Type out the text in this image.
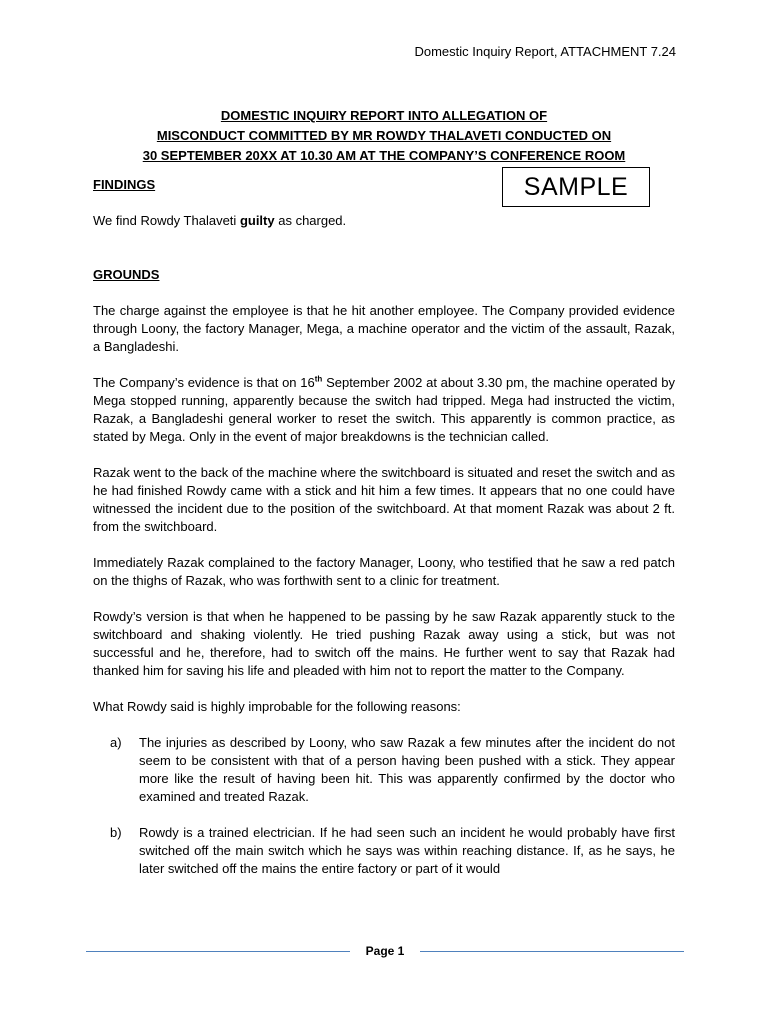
Domestic Inquiry Report, ATTACHMENT 7.24
DOMESTIC INQUIRY REPORT INTO ALLEGATION OF
MISCONDUCT COMMITTED BY MR ROWDY THALAVETI CONDUCTED ON
30 SEPTEMBER 20XX AT 10.30 AM AT THE COMPANY’S CONFERENCE ROOM
SAMPLE

FINDINGS

We find Rowdy Thalaveti guilty as charged.

GROUNDS

The charge against the employee is that he hit another employee. The Company provided evidence through Loony, the factory Manager, Mega, a machine operator and the victim of the assault, Razak, a Bangladeshi.

The Company’s evidence is that on 16th September 2002 at about 3.30 pm, the machine operated by Mega stopped running, apparently because the switch had tripped. Mega had instructed the victim, Razak, a Bangladeshi general worker to reset the switch. This apparently is common practice, as stated by Mega. Only in the event of major breakdowns is the technician called.

Razak went to the back of the machine where the switchboard is situated and reset the switch and as he had finished Rowdy came with a stick and hit him a few times. It appears that no one could have witnessed the incident due to the position of the switchboard. At that moment Razak was about 2 ft. from the switchboard.

Immediately Razak complained to the factory Manager, Loony, who testified that he saw a red patch on the thighs of Razak, who was forthwith sent to a clinic for treatment.

Rowdy’s version is that when he happened to be passing by he saw Razak apparently stuck to the switchboard and shaking violently. He tried pushing Razak away using a stick, but was not successful and he, therefore, had to switch off the mains. He further went to say that Razak had thanked him for saving his life and pleaded with him not to report the matter to the Company.

What Rowdy said is highly improbable for the following reasons:

a) The injuries as described by Loony, who saw Razak a few minutes after the incident do not seem to be consistent with that of a person having been pushed with a stick. They appear more like the result of having been hit. This was apparently confirmed by the doctor who examined and treated Razak.
b) Rowdy is a trained electrician. If he had seen such an incident he would probably have first switched off the main switch which he says was within reaching distance. If, as he says, he later switched off the mains the entire factory or part of it would
Page 1
